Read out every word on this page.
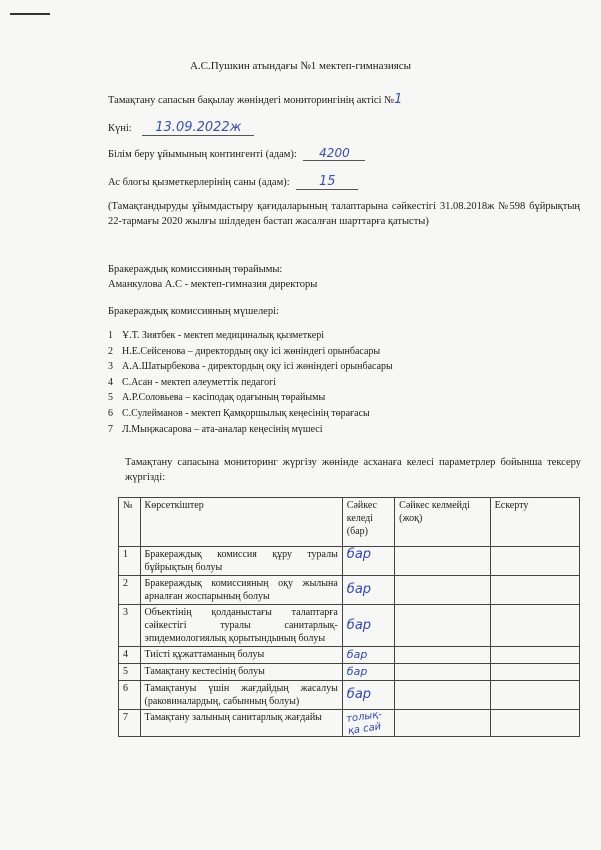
А.С.Пушкин атындағы №1 мектеп-гимназиясы
Тамақтану сапасын бақылау жөніндегі мониторингінің актісі №1
Күні: 13.09.2022ж
Білім беру ұйымының контингенті (адам): 4200
Ас блогы қызметкерлерінің саны (адам): 15
(Тамақтандыруды ұйымдастыру қағидаларының талаптарына сәйкестігі 31.08.2018ж №598 бұйрықтың 22-тармағы 2020 жылғы шілдеден бастап жасалған шарттарға қатысты)
Бракераждық комиссияның төрайымы:
Аманкулова А.С - мектеп-гимназия директоры
Бракераждық комиссияның мүшелері:
1 Ұ.Т. Зиятбек - мектеп медициналық қызметкері
2 Н.Е.Сейсенова – директордың оқу ісі жөніндегі орынбасары
3 А.А.Шатырбекова - директордың оқу ісі жөніндегі орынбасары
4 С.Асан - мектеп әлеуметтік педагогі
5 А.Р.Соловьева – кәсіподақ одағының төрайымы
6 С.Сулейманов - мектеп Қамқоршылық кеңесінің төрағасы
7 Л.Мыңжасарова – ата-аналар кеңесінің мүшесі
Тамақтану сапасына мониторинг жүргізу жөнінде асханаға келесі параметрлер бойынша тексеру жүргізді:
№	Көрсеткіштер	Сәйкес келеді (бар)	Сәйкес келмейді (жоқ)	Ескерту
1	Бракераждық комиссия құру туралы бұйрықтың болуы	бар		
2	Бракераждық комиссияның оқу жылына арналған жоспарының болуы	бар		
3	Объектінің қолданыстағы талаптарға сәйкестігі туралы санитарлық-эпидемиологиялық қорытындының болуы	бар		
4	Тиісті құжаттаманың болуы	бар		
5	Тамақтану кестесінің болуы	бар		
6	Тамақтануы үшін жағдайдың жасалуы (раковиналардың, сабынның болуы)	бар		
7	Тамақтану залының санитарлық жағдайы	толық-қа сай		
